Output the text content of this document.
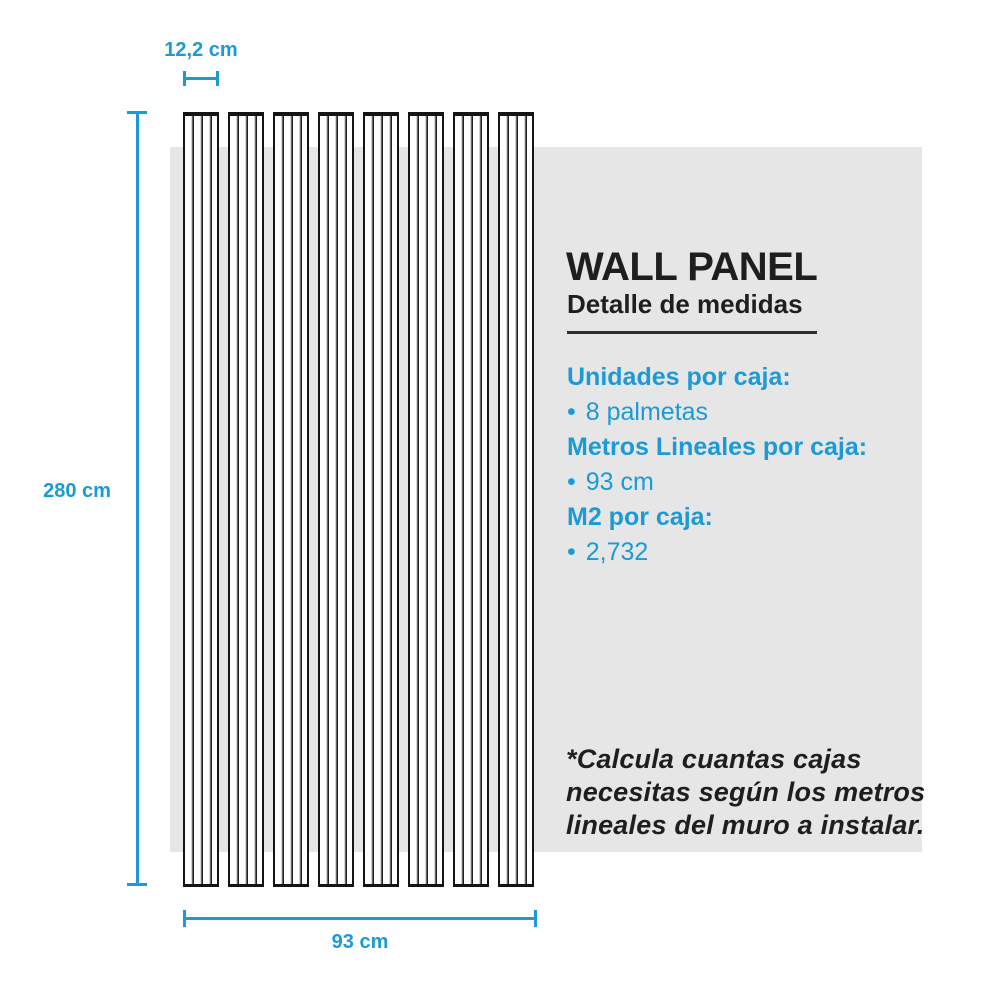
12,2 cm
280 cm
93 cm
WALL PANEL
Detalle de medidas
Unidades por caja:
• 8 palmetas
Metros Lineales por caja:
• 93 cm
M2 por caja:
• 2,732
*Calcula cuantas cajas
necesitas según los metros
lineales del muro a instalar.
